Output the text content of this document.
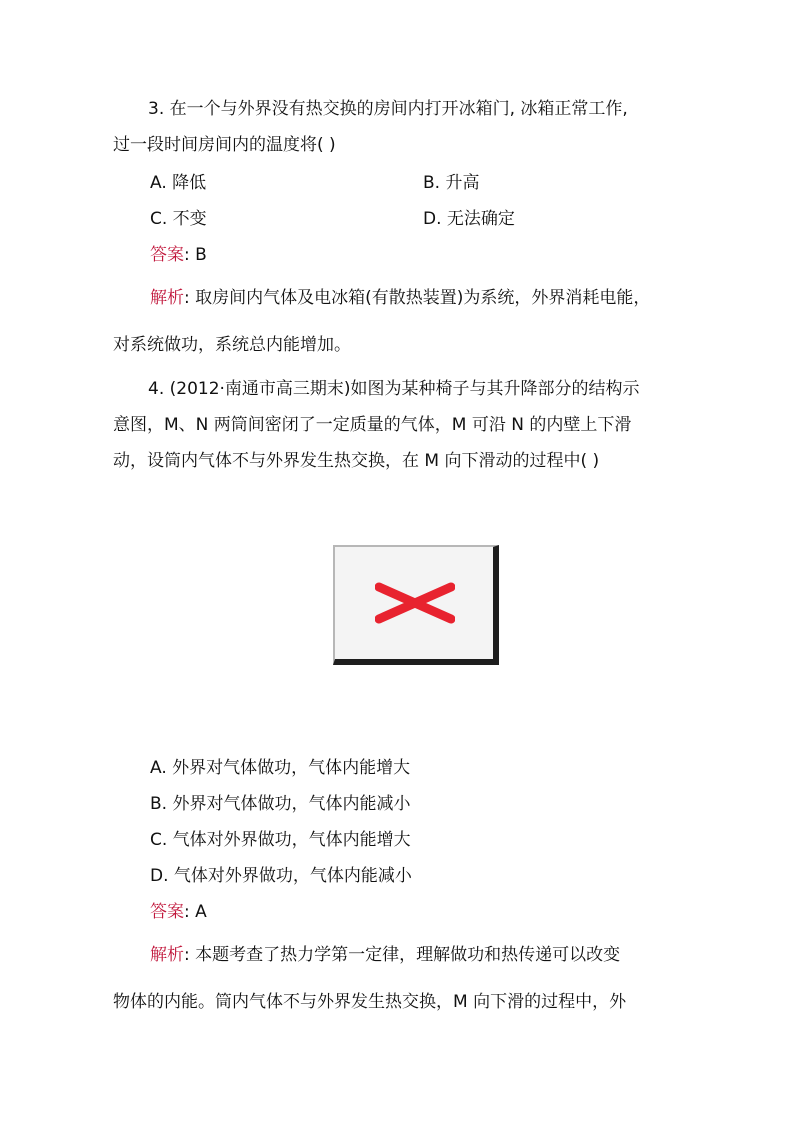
3. 在一个与外界没有热交换的房间内打开冰箱门, 冰箱正常工作,
过一段时间房间内的温度将( )
A. 降低	B. 升高
C. 不变	D. 无法确定
答案: B
解析: 取房间内气体及电冰箱(有散热装置)为系统，外界消耗电能，
对系统做功，系统总内能增加。
4. (2012·南通市高三期末)如图为某种椅子与其升降部分的结构示
意图，M、N 两筒间密闭了一定质量的气体，M 可沿 N 的内壁上下滑
动，设筒内气体不与外界发生热交换，在 M 向下滑动的过程中( )
A. 外界对气体做功，气体内能增大
B. 外界对气体做功，气体内能减小
C. 气体对外界做功，气体内能增大
D. 气体对外界做功，气体内能减小
答案: A
解析: 本题考查了热力学第一定律，理解做功和热传递可以改变
物体的内能。筒内气体不与外界发生热交换，M 向下滑的过程中，外
